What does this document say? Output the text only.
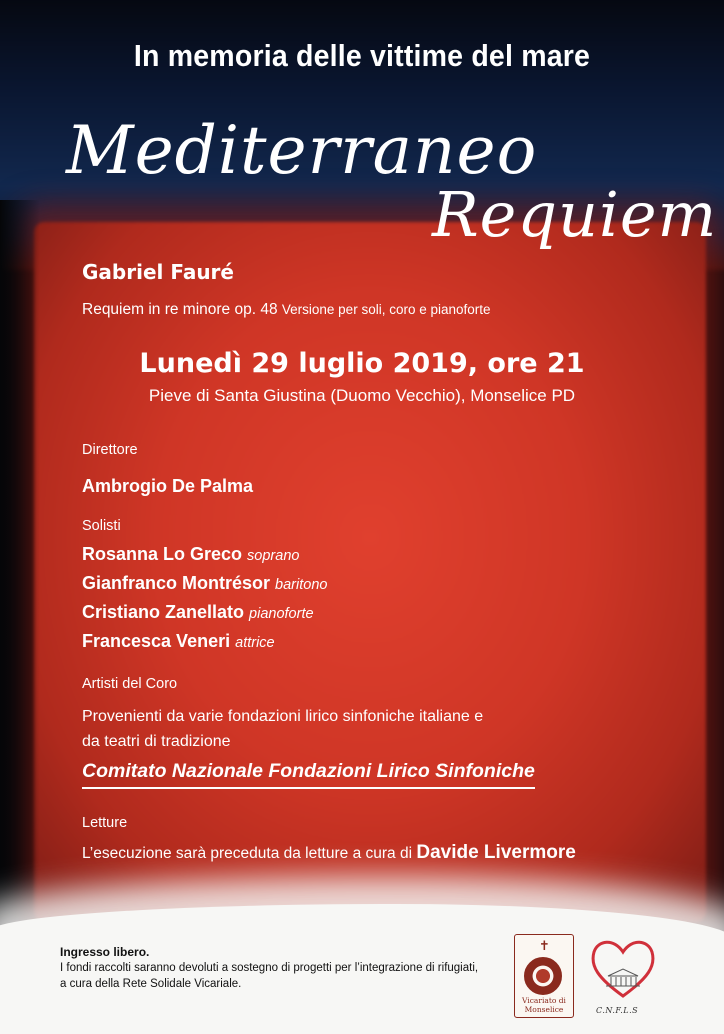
In memoria delle vittime del mare
Mediterraneo
Requiem
Gabriel Fauré
Requiem in re minore op. 48 Versione per soli, coro e pianoforte
Lunedì 29 luglio 2019, ore 21
Pieve di Santa Giustina (Duomo Vecchio), Monselice PD
Direttore
Ambrogio De Palma
Solisti
Rosanna Lo Greco soprano
Gianfranco Montrésor baritono
Cristiano Zanellato pianoforte
Francesca Veneri attrice
Artisti del Coro
Provenienti da varie fondazioni lirico sinfoniche italiane e
da teatri di tradizione
Comitato Nazionale Fondazioni Lirico Sinfoniche
Letture
L’esecuzione sarà preceduta da letture a cura di Davide Livermore
Ingresso libero.
I fondi raccolti saranno devoluti a sostegno di progetti per l’integrazione di rifugiati,
a cura della Rete Solidale Vicariale.
✝
Vicariato di
Monselice	C.N.F.L.S
